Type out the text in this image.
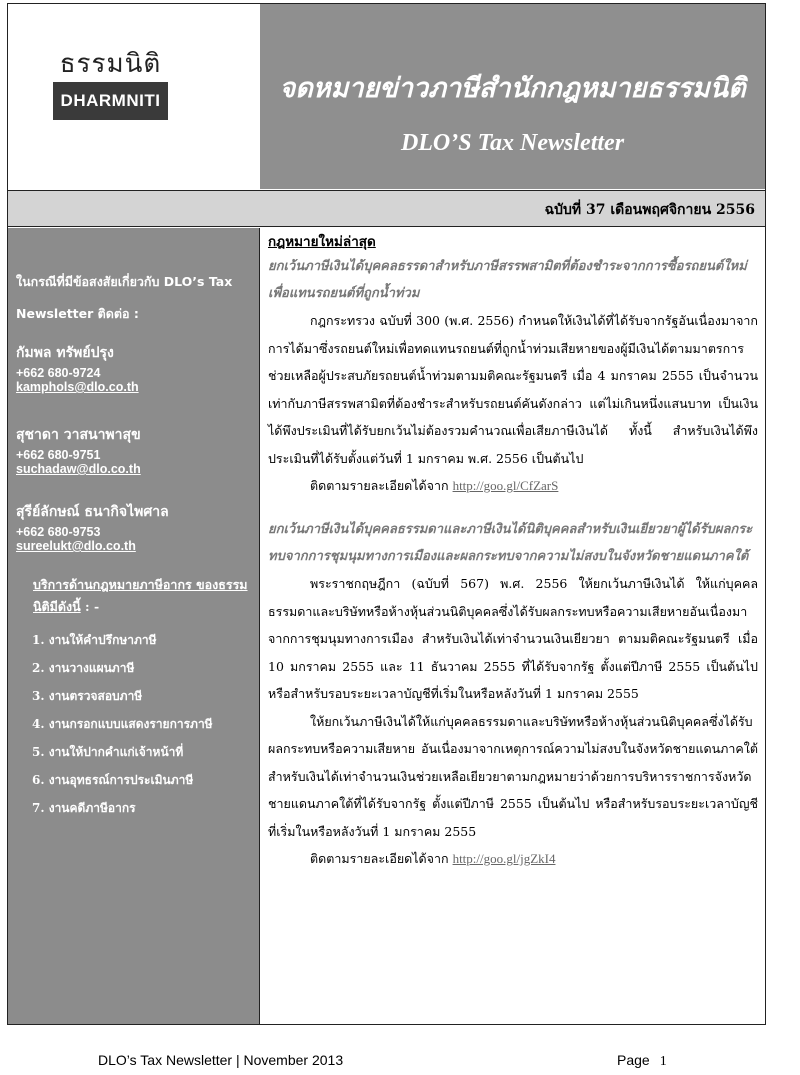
ธรรมนิติ
DHARMNITI	จดหมายข่าวภาษีสำนักกฎหมายธรรมนิติ
DLO’S Tax Newsletter
ฉบับที่ 37 เดือนพฤศจิกายน 2556
ในกรณีที่มีข้อสงสัยเกี่ยวกับ DLO’s Tax
Newsletter ติดต่อ :
กัมพล ทรัพย์ปรุง
+662 680-9724
kamphols@dlo.co.th
สุชาดา วาสนาพาสุข
+662 680-9751
suchadaw@dlo.co.th
สุรีย์ลักษณ์ ธนากิจไพศาล
+662 680-9753
sureelukt@dlo.co.th
บริการด้านกฎหมายภาษีอากร ของธรรม
นิติมีดังนี้ : -
1. งานให้คำปรึกษาภาษี
2. งานวางแผนภาษี
3. งานตรวจสอบภาษี
4. งานกรอกแบบแสดงรายการภาษี
5. งานให้ปากคำแก่เจ้าหน้าที่
6. งานอุทธรณ์การประเมินภาษี
7. งานคดีภาษีอากร
กฎหมายใหม่ล่าสุด
ยกเว้นภาษีเงินได้บุคคลธรรดาสำหรับภาษีสรรพสามิตที่ต้องชำระจากการซื้อรถยนต์ใหม่เพื่อแทนรถยนต์ที่ถูกน้ำท่วม

กฎกระทรวง ฉบับที่ 300 (พ.ศ. 2556) กำหนดให้เงินได้ที่ได้รับจากรัฐอันเนื่องมาจากการได้มาซึ่งรถยนต์ใหม่เพื่อทดแทนรถยนต์ที่ถูกน้ำท่วมเสียหายของผู้มีเงินได้ตามมาตรการช่วยเหลือผู้ประสบภัยรถยนต์น้ำท่วมตามมติคณะรัฐมนตรี เมื่อ 4 มกราคม 2555 เป็นจำนวนเท่ากับภาษีสรรพสามิตที่ต้องชำระสำหรับรถยนต์คันดังกล่าว แต่ไม่เกินหนึ่งแสนบาท เป็นเงินได้พึงประเมินที่ได้รับยกเว้นไม่ต้องรวมคำนวณเพื่อเสียภาษีเงินได้ ทั้งนี้ สำหรับเงินได้พึงประเมินที่ได้รับตั้งแต่วันที่ 1 มกราคม พ.ศ. 2556 เป็นต้นไป

ติดตามรายละเอียดได้จาก http://goo.gl/CfZarS
ยกเว้นภาษีเงินได้บุคคลธรรมดาและภาษีเงินได้นิติบุคคลสำหรับเงินเยียวยาผู้ได้รับผลกระทบจากการชุมนุมทางการเมืองและผลกระทบจากความไม่สงบในจังหวัดชายแดนภาคใต้

พระราชกฤษฎีกา (ฉบับที่ 567) พ.ศ. 2556 ให้ยกเว้นภาษีเงินได้ ให้แก่บุคคลธรรมดาและบริษัทหรือห้างหุ้นส่วนนิติบุคคลซึ่งได้รับผลกระทบหรือความเสียหายอันเนื่องมาจากการชุมนุมทางการเมือง สำหรับเงินได้เท่าจำนวนเงินเยียวยา ตามมติคณะรัฐมนตรี เมื่อ 10 มกราคม 2555 และ 11 ธันวาคม 2555 ที่ได้รับจากรัฐ ตั้งแต่ปีภาษี 2555 เป็นต้นไป หรือสำหรับรอบระยะเวลาบัญชีที่เริ่มในหรือหลังวันที่ 1 มกราคม 2555

ให้ยกเว้นภาษีเงินได้ให้แก่บุคคลธรรมดาและบริษัทหรือห้างหุ้นส่วนนิติบุคคลซึ่งได้รับผลกระทบหรือความเสียหาย อันเนื่องมาจากเหตุการณ์ความไม่สงบในจังหวัดชายแดนภาคใต้ สำหรับเงินได้เท่าจำนวนเงินช่วยเหลือเยียวยาตามกฎหมายว่าด้วยการบริหารราชการจังหวัดชายแดนภาคใต้ที่ได้รับจากรัฐ ตั้งแต่ปีภาษี 2555 เป็นต้นไป หรือสำหรับรอบระยะเวลาบัญชีที่เริ่มในหรือหลังวันที่ 1 มกราคม 2555

ติดตามรายละเอียดได้จาก http://goo.gl/jgZkI4
DLO’s Tax Newsletter | November 2013	Page 1
